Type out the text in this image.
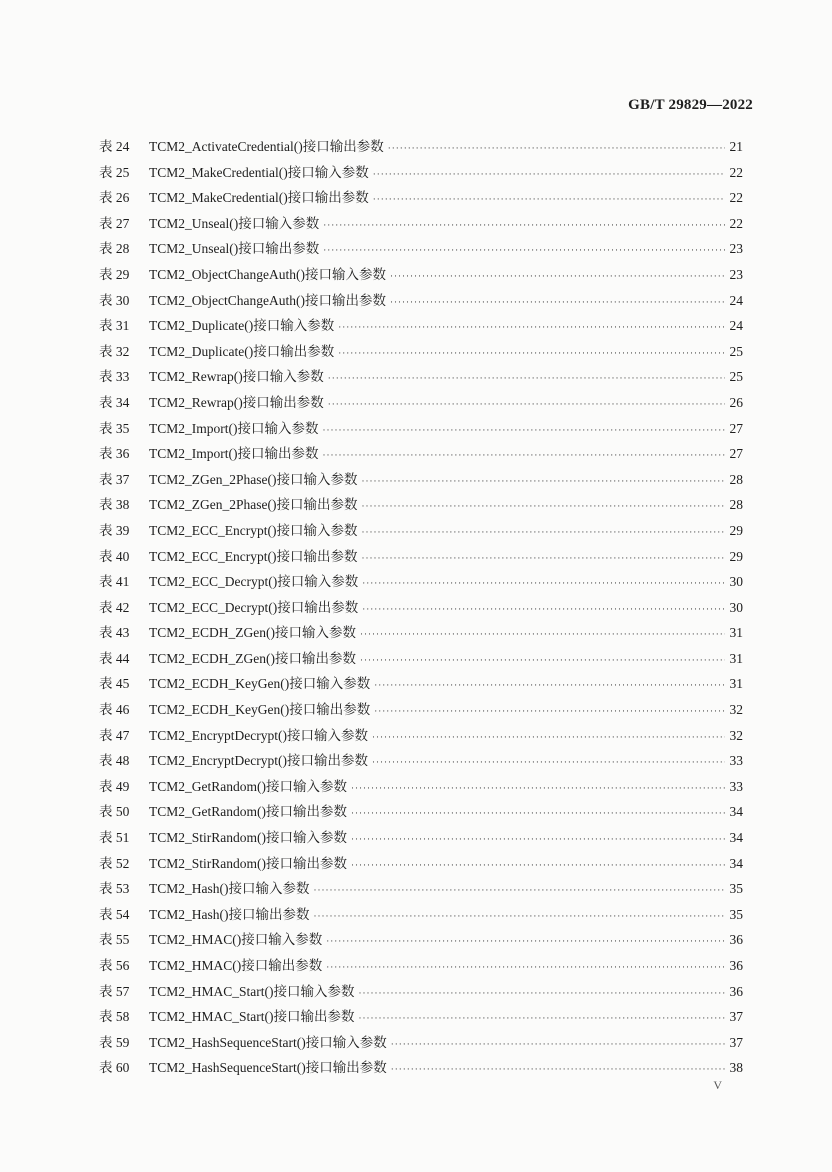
GB/T 29829—2022
表 24	TCM2_ActivateCredential()接口输出参数 ·····	21
表 25	TCM2_MakeCredential()接口输入参数 ·····	22
表 26	TCM2_MakeCredential()接口输出参数 ·····	22
表 27	TCM2_Unseal()接口输入参数 ·····	22
表 28	TCM2_Unseal()接口输出参数 ·····	23
表 29	TCM2_ObjectChangeAuth()接口输入参数 ·····	23
表 30	TCM2_ObjectChangeAuth()接口输出参数 ·····	24
表 31	TCM2_Duplicate()接口输入参数 ·····	24
表 32	TCM2_Duplicate()接口输出参数 ·····	25
表 33	TCM2_Rewrap()接口输入参数 ·····	25
表 34	TCM2_Rewrap()接口输出参数 ·····	26
表 35	TCM2_Import()接口输入参数 ·····	27
表 36	TCM2_Import()接口输出参数 ·····	27
表 37	TCM2_ZGen_2Phase()接口输入参数 ·····	28
表 38	TCM2_ZGen_2Phase()接口输出参数 ·····	28
表 39	TCM2_ECC_Encrypt()接口输入参数 ·····	29
表 40	TCM2_ECC_Encrypt()接口输出参数 ·····	29
表 41	TCM2_ECC_Decrypt()接口输入参数 ·····	30
表 42	TCM2_ECC_Decrypt()接口输出参数 ·····	30
表 43	TCM2_ECDH_ZGen()接口输入参数 ·····	31
表 44	TCM2_ECDH_ZGen()接口输出参数 ·····	31
表 45	TCM2_ECDH_KeyGen()接口输入参数 ·····	31
表 46	TCM2_ECDH_KeyGen()接口输出参数 ·····	32
表 47	TCM2_EncryptDecrypt()接口输入参数 ·····	32
表 48	TCM2_EncryptDecrypt()接口输出参数 ·····	33
表 49	TCM2_GetRandom()接口输入参数 ·····	33
表 50	TCM2_GetRandom()接口输出参数 ·····	34
表 51	TCM2_StirRandom()接口输入参数 ·····	34
表 52	TCM2_StirRandom()接口输出参数 ·····	34
表 53	TCM2_Hash()接口输入参数 ·····	35
表 54	TCM2_Hash()接口输出参数 ·····	35
表 55	TCM2_HMAC()接口输入参数 ·····	36
表 56	TCM2_HMAC()接口输出参数 ·····	36
表 57	TCM2_HMAC_Start()接口输入参数 ·····	36
表 58	TCM2_HMAC_Start()接口输出参数 ·····	37
表 59	TCM2_HashSequenceStart()接口输入参数 ·····	37
表 60	TCM2_HashSequenceStart()接口输出参数 ·····	38
V
